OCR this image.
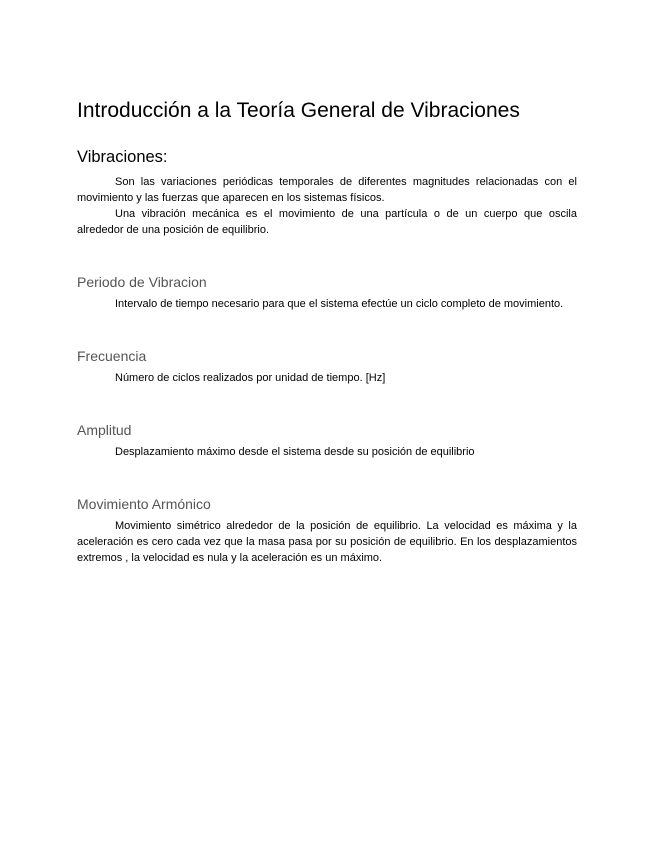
Introducción a la Teoría General de Vibraciones
Vibraciones:

Son las variaciones periódicas temporales de diferentes magnitudes relacionadas con el movimiento y las fuerzas que aparecen en los sistemas físicos.

Una vibración mecánica es el movimiento de una partícula o de un cuerpo que oscila alrededor de una posición de equilibrio.

Periodo de Vibracion

Intervalo de tiempo necesario para que el sistema efectúe un ciclo completo de movimiento.

Frecuencia

Número de ciclos realizados por unidad de tiempo. [Hz]

Amplitud

Desplazamiento máximo desde el sistema desde su posición de equilibrio

Movimiento Armónico

Movimiento simétrico alrededor de la posición de equilibrio. La velocidad es máxima y la aceleración es cero cada vez que la masa pasa por su posición de equilibrio. En los desplazamientos extremos , la velocidad es nula y la aceleración es un máximo.
